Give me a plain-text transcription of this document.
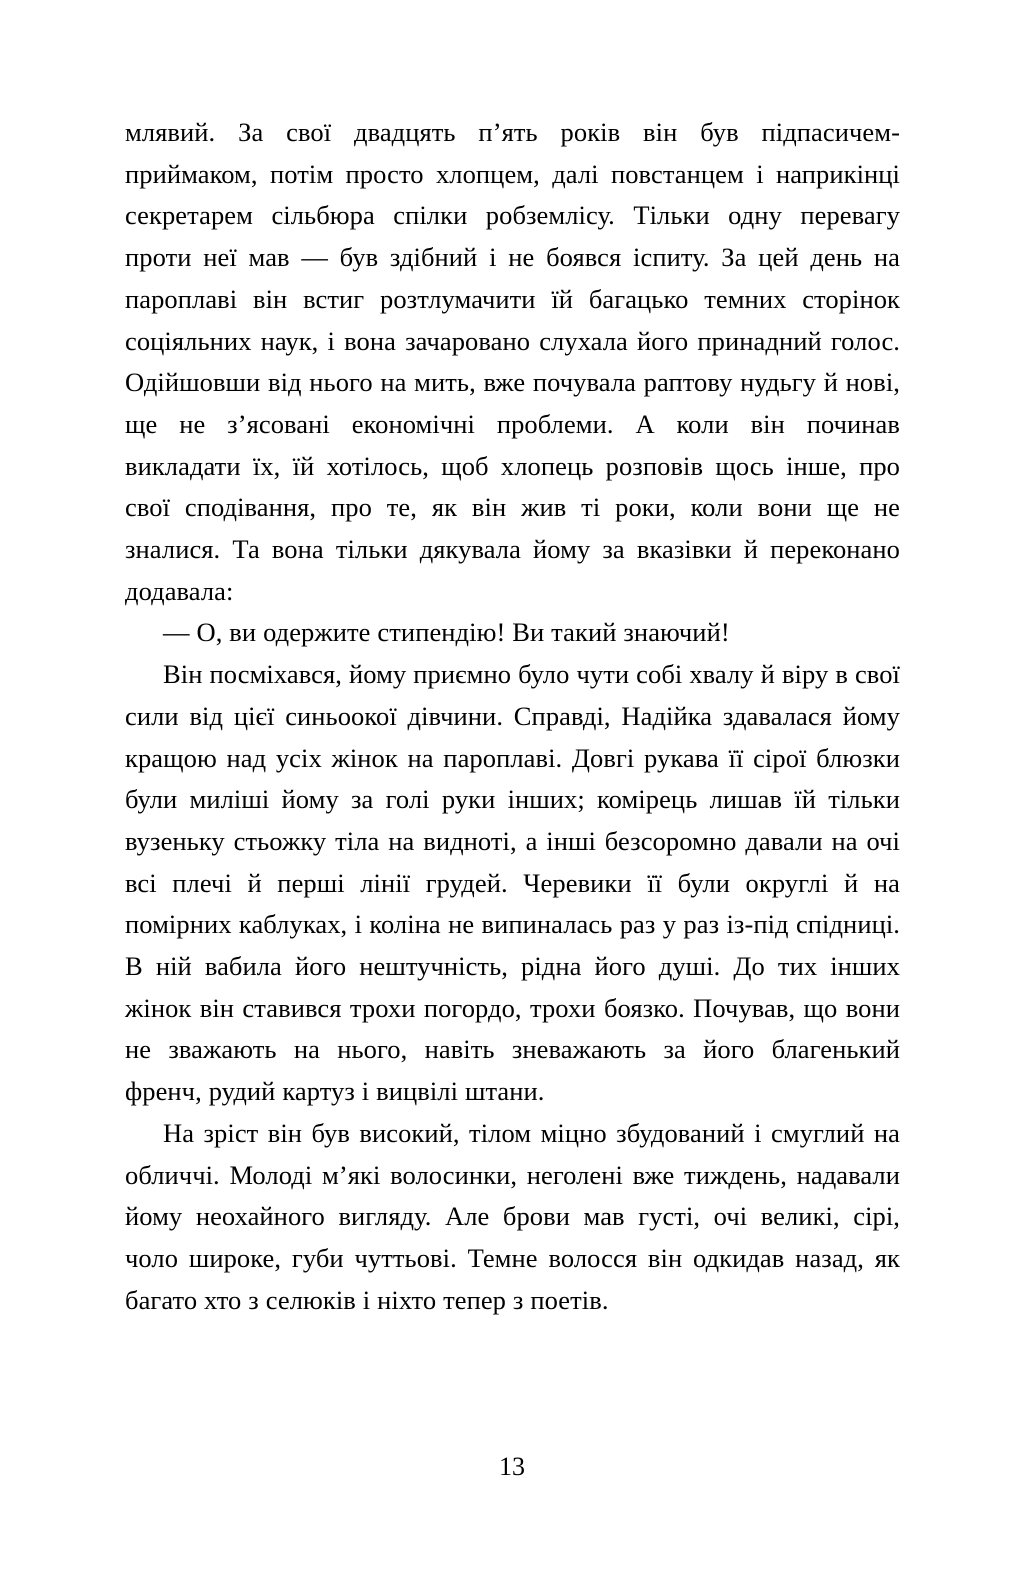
млявий. За свої двадцять п’ять років він був підпасичем-приймаком, потім просто хлопцем, далі повстанцем і наприкінці секретарем сільбюра спілки робземлісу. Тільки одну перевагу проти неї мав — був здібний і не боявся іспиту. За цей день на пароплаві він встиг розтлумачити їй багацько темних сторінок соціяльних наук, і вона зачаровано слухала його принадний голос. Одійшовши від нього на мить, вже почувала раптову нудьгу й нові, ще не з’ясовані економічні проблеми. А коли він починав викладати їх, їй хотілось, щоб хлопець розповів щось інше, про свої сподівання, про те, як він жив ті роки, коли вони ще не зналися. Та вона тільки дякувала йому за вказівки й переконано додавала:

— О, ви одержите стипендію! Ви такий знаючий!

Він посміхався, йому приємно було чути собі хвалу й віру в свої сили від цієї синьоокої дівчини. Справді, Надійка здавалася йому кращою над усіх жінок на пароплаві. Довгі рукава її сірої блюзки були миліші йому за голі руки інших; комірець лишав їй тільки вузеньку стьожку тіла на видноті, а інші безсоромно давали на очі всі плечі й перші лінії грудей. Черевики її були округлі й на помірних каблуках, і коліна не випиналась раз у раз із-під спідниці. В ній вабила його нештучність, рідна його душі. До тих інших жінок він ставився трохи погордо, трохи боязко. Почував, що вони не зважають на нього, навіть зневажають за його благенький френч, рудий картуз і вицвілі штани.

На зріст він був високий, тілом міцно збудований і смуглий на обличчі. Молоді м’які волосинки, неголені вже тиждень, надавали йому неохайного вигляду. Але брови мав густі, очі великі, сірі, чоло широке, губи чуттьові. Темне волосся він одкидав назад, як багато хто з селюків і ніхто тепер з поетів.

13
